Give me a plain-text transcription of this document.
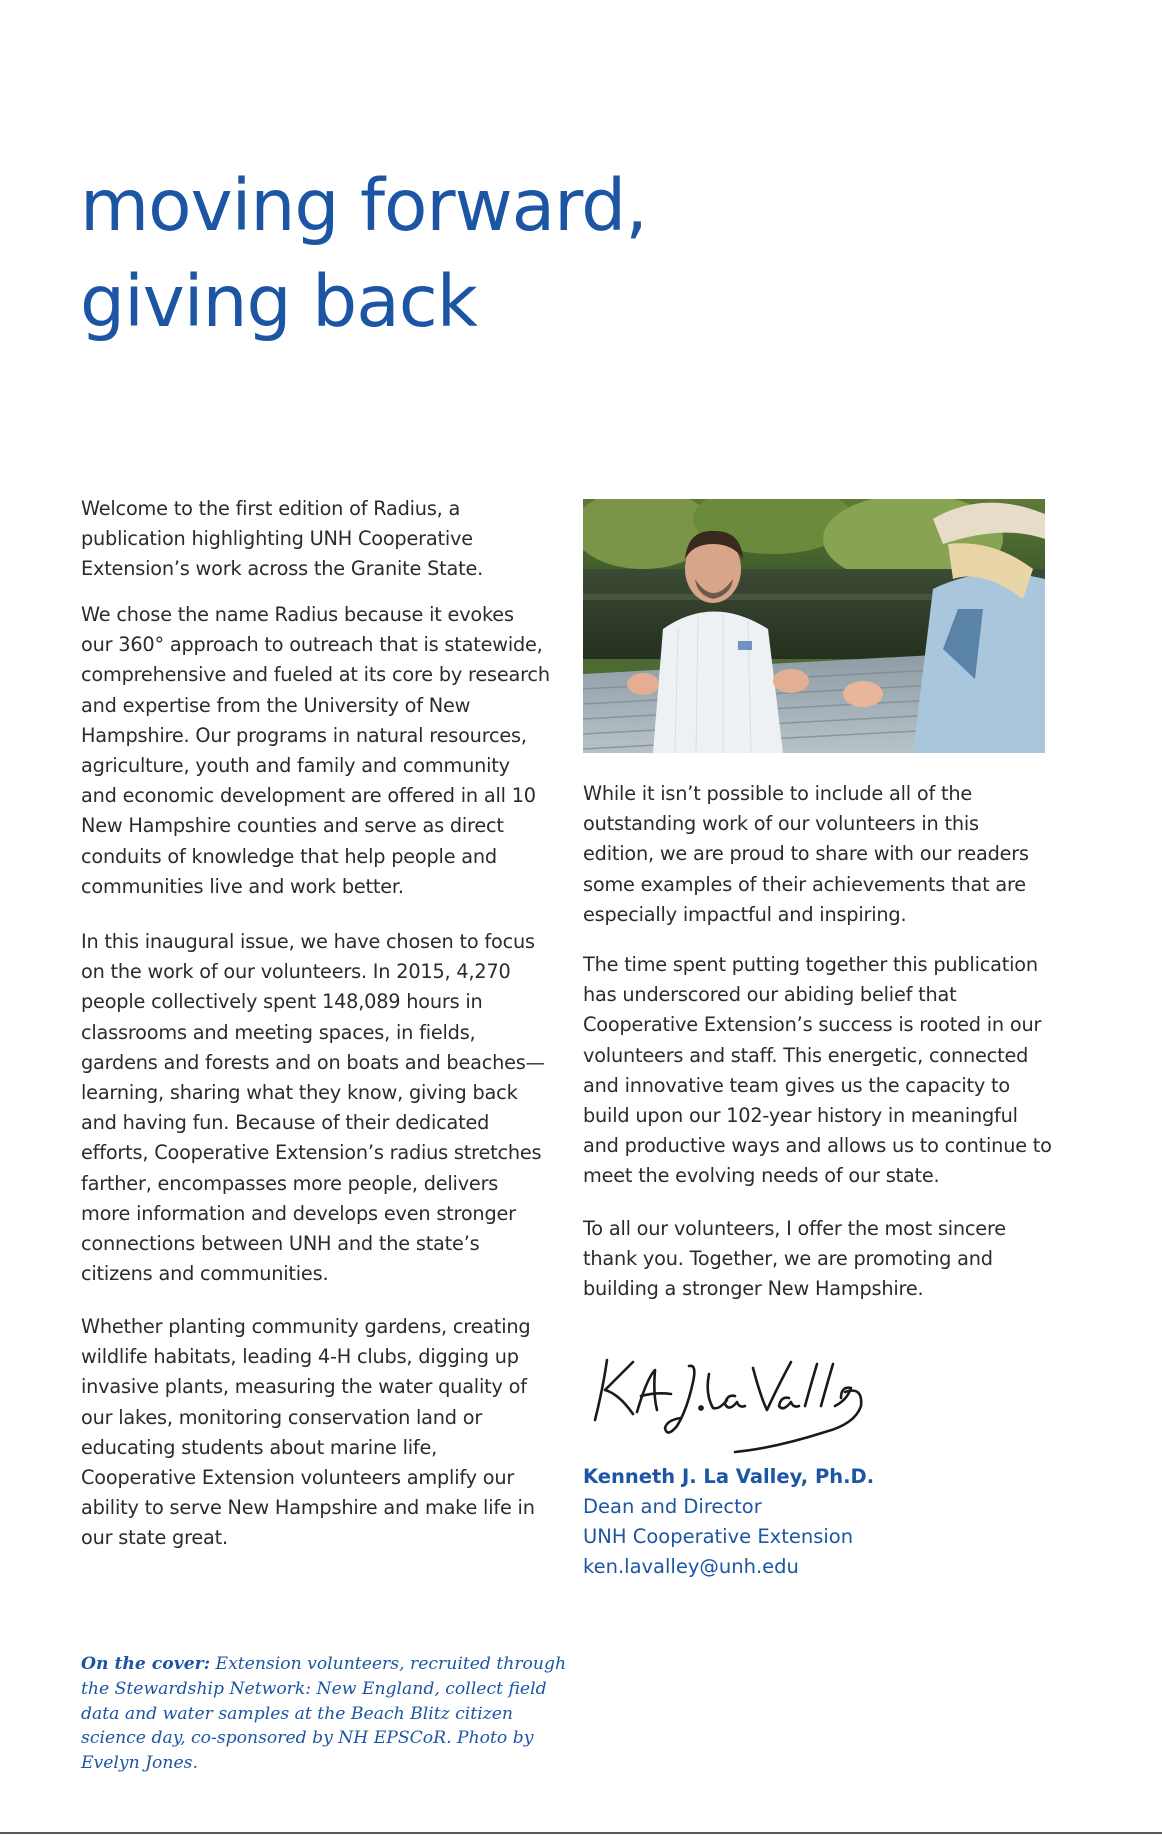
moving forward,
giving back

Welcome to the first edition of Radius, a publication highlighting UNH Cooperative Extension’s work across the Granite State.

We chose the name Radius because it evokes our 360° approach to outreach that is statewide, comprehensive and fueled at its core by research and expertise from the University of New Hampshire. Our programs in natural resources, agriculture, youth and family and community and economic development are offered in all 10 New Hampshire counties and serve as direct conduits of knowledge that help people and communities live and work better.

In this inaugural issue, we have chosen to focus on the work of our volunteers. In 2015, 4,270 people collectively spent 148,089 hours in classrooms and meeting spaces, in fields, gardens and forests and on boats and beaches—learning, sharing what they know, giving back and having fun. Because of their dedicated efforts, Cooperative Extension’s radius stretches farther, encompasses more people, delivers more information and develops even stronger connections between UNH and the state’s citizens and communities.

Whether planting community gardens, creating wildlife habitats, leading 4-H clubs, digging up invasive plants, measuring the water quality of our lakes, monitoring conservation land or educating students about marine life, Cooperative Extension volunteers amplify our ability to serve New Hampshire and make life in our state great.

While it isn’t possible to include all of the outstanding work of our volunteers in this edition, we are proud to share with our readers some examples of their achievements that are especially impactful and inspiring.

The time spent putting together this publication has underscored our abiding belief that Cooperative Extension’s success is rooted in our volunteers and staff. This energetic, connected and innovative team gives us the capacity to build upon our 102-year history in meaningful and productive ways and allows us to continue to meet the evolving needs of our state.

To all our volunteers, I offer the most sincere thank you. Together, we are promoting and building a stronger New Hampshire.

Kenneth J. La Valley, Ph.D.
Dean and Director
UNH Cooperative Extension
ken.lavalley@unh.edu
On the cover: Extension volunteers, recruited through the Stewardship Network: New England, collect field data and water samples at the Beach Blitz citizen science day, co-sponsored by NH EPSCoR. Photo by Evelyn Jones.
